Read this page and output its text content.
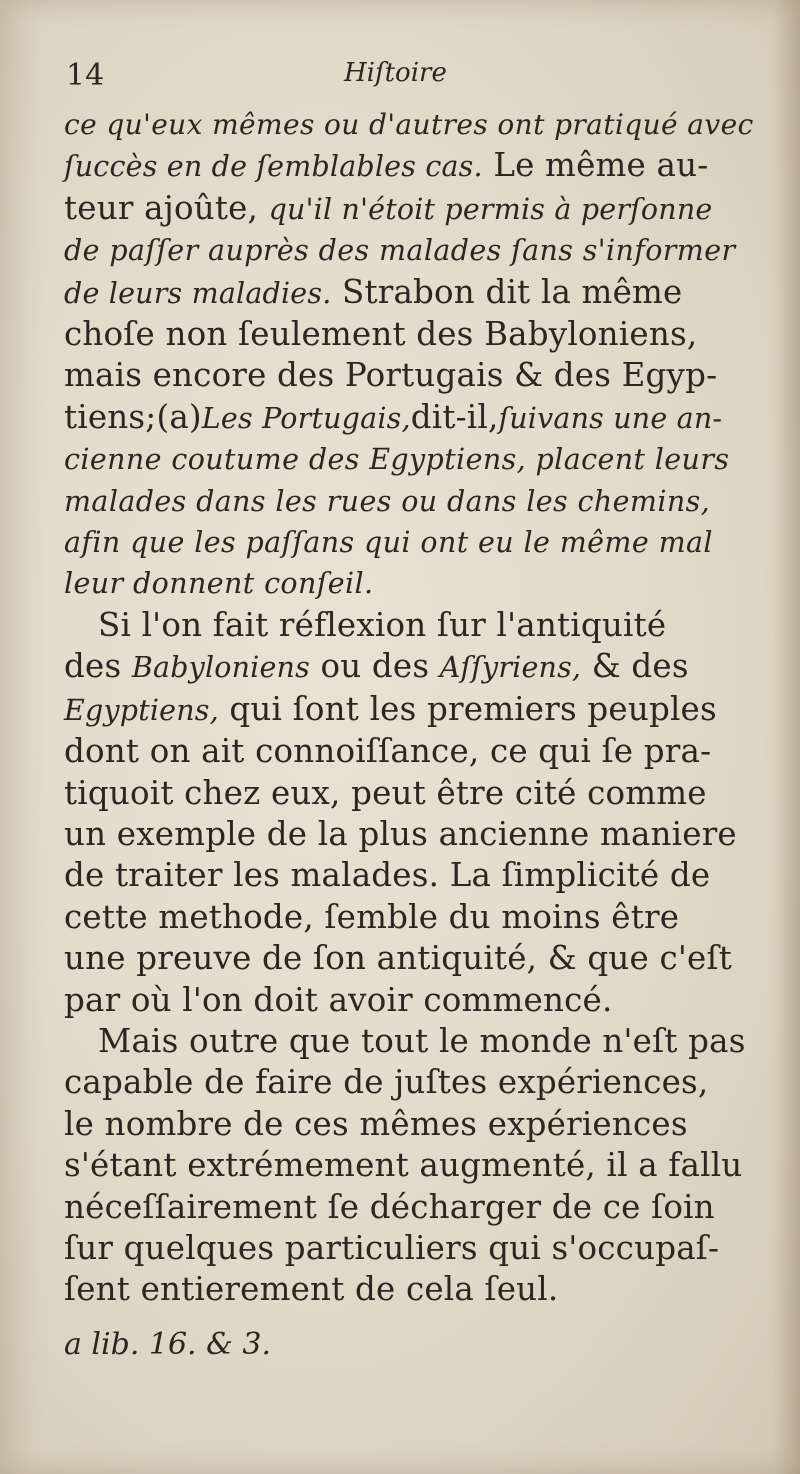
14	Hiſtoire
ce qu'eux mêmes ou d'autres ont pratiqué avec
ſuccès en de ſemblables cas. Le même au-
teur ajoûte, qu'il n'étoit permis à perſonne
de paſſer auprès des malades ſans s'informer
de leurs maladies. Strabon dit la même
choſe non ſeulement des Babyloniens,
mais encore des Portugais & des Egyp-
tiens;(a)Les Portugais,dit-il,ſuivans une an-
cienne coutume des Egyptiens, placent leurs
malades dans les rues ou dans les chemins,
afin que les paſſans qui ont eu le même mal
leur donnent conſeil.
Si l'on fait réflexion ſur l'antiquité
des Babyloniens ou des Aſſyriens, & des
Egyptiens, qui ſont les premiers peuples
dont on ait connoiſſance, ce qui ſe pra-
tiquoit chez eux, peut être cité comme
un exemple de la plus ancienne maniere
de traiter les malades. La ſimplicité de
cette methode, ſemble du moins être
une preuve de ſon antiquité, & que c'eſt
par où l'on doit avoir commencé.
Mais outre que tout le monde n'eſt pas
capable de faire de juſtes expériences,
le nombre de ces mêmes expériences
s'étant extrémement augmenté, il a fallu
néceſſairement ſe décharger de ce ſoin
ſur quelques particuliers qui s'occupaſ-
ſent entierement de cela ſeul.
a lib. 16. & 3.
